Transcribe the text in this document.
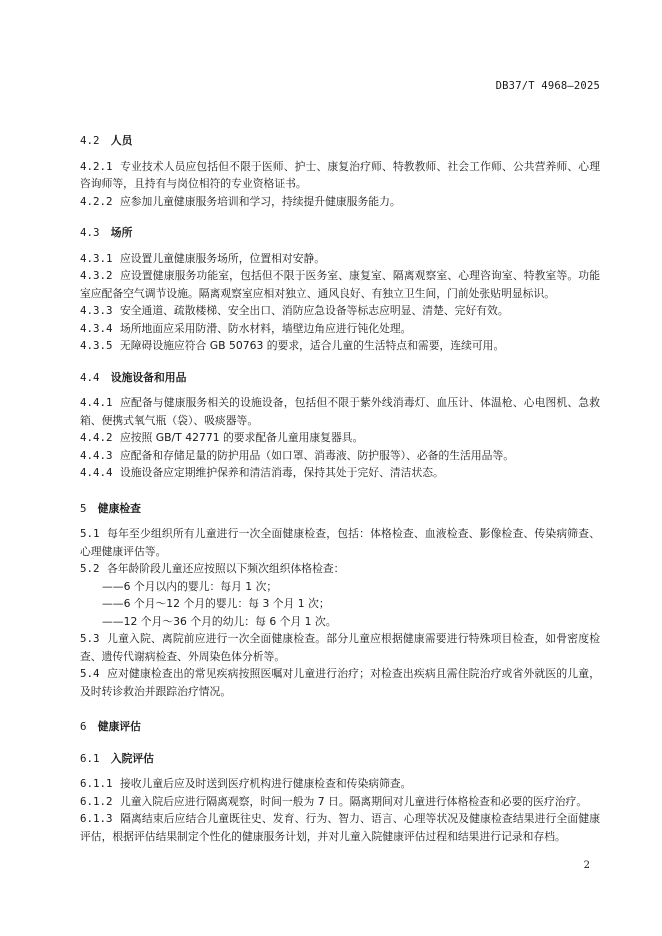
DB37/T 4968—2025
4.2 人员

4.2.1 专业技术人员应包括但不限于医师、护士、康复治疗师、特教教师、社会工作师、公共营养师、心理咨询师等，且持有与岗位相符的专业资格证书。

4.2.2 应参加儿童健康服务培训和学习，持续提升健康服务能力。

4.3 场所

4.3.1 应设置儿童健康服务场所，位置相对安静。

4.3.2 应设置健康服务功能室，包括但不限于医务室、康复室、隔离观察室、心理咨询室、特教室等。功能室应配备空气调节设施。隔离观察室应相对独立、通风良好、有独立卫生间，门前处张贴明显标识。

4.3.3 安全通道、疏散楼梯、安全出口、消防应急设备等标志应明显、清楚、完好有效。

4.3.4 场所地面应采用防滑、防水材料，墙壁边角应进行钝化处理。

4.3.5 无障碍设施应符合 GB 50763 的要求，适合儿童的生活特点和需要，连续可用。

4.4 设施设备和用品

4.4.1 应配备与健康服务相关的设施设备，包括但不限于紫外线消毒灯、血压计、体温枪、心电图机、急救箱、便携式氧气瓶（袋）、吸痰器等。

4.4.2 应按照 GB/T 42771 的要求配备儿童用康复器具。

4.4.3 应配备和存储足量的防护用品（如口罩、消毒液、防护服等）、必备的生活用品等。

4.4.4 设施设备应定期维护保养和清洁消毒，保持其处于完好、清洁状态。

5 健康检查

5.1 每年至少组织所有儿童进行一次全面健康检查，包括：体格检查、血液检查、影像检查、传染病筛查、心理健康评估等。

5.2 各年龄阶段儿童还应按照以下频次组织体格检查：

——6 个月以内的婴儿：每月 1 次；

——6 个月～12 个月的婴儿：每 3 个月 1 次；

——12 个月～36 个月的幼儿：每 6 个月 1 次。

5.3 儿童入院、离院前应进行一次全面健康检查。部分儿童应根据健康需要进行特殊项目检查，如骨密度检查、遗传代谢病检查、外周染色体分析等。

5.4 应对健康检查出的常见疾病按照医嘱对儿童进行治疗；对检查出疾病且需住院治疗或省外就医的儿童，及时转诊救治并跟踪治疗情况。

6 健康评估
6.1 入院评估

6.1.1 接收儿童后应及时送到医疗机构进行健康检查和传染病筛查。

6.1.2 儿童入院后应进行隔离观察，时间一般为 7 日。隔离期间对儿童进行体格检查和必要的医疗治疗。

6.1.3 隔离结束后应结合儿童既往史、发育、行为、智力、语言、心理等状况及健康检查结果进行全面健康评估，根据评估结果制定个性化的健康服务计划，并对儿童入院健康评估过程和结果进行记录和存档。

2
